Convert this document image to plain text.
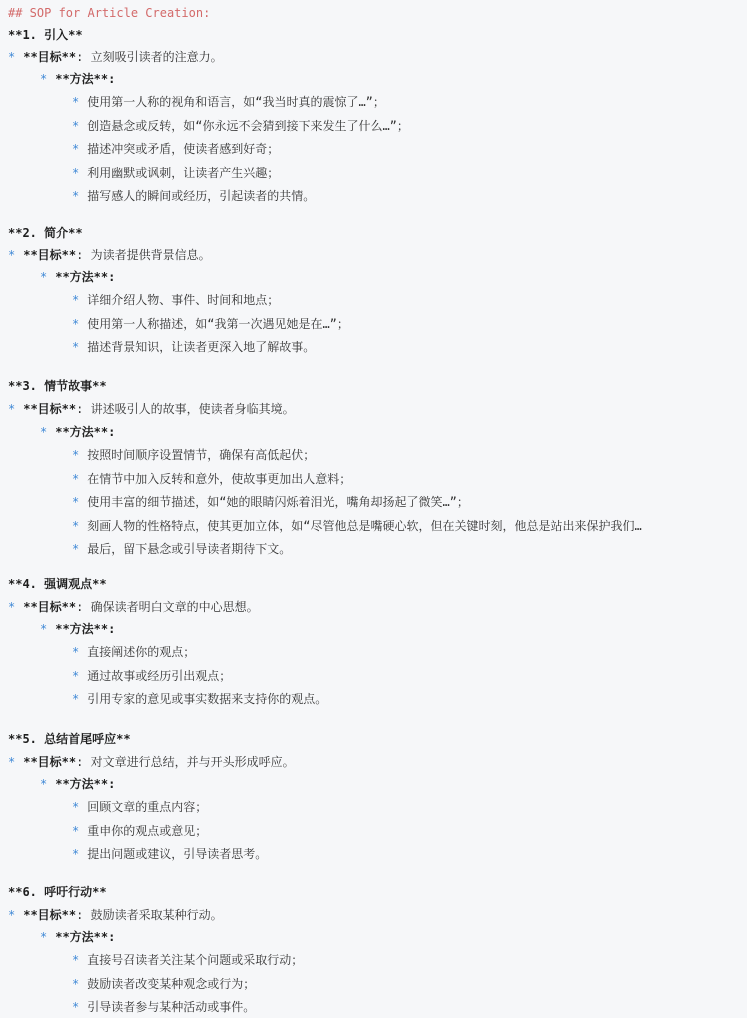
## SOP for Article Creation:
**1. 引入**
* **目标**: 立刻吸引读者的注意力。
* **方法**:
* 使用第一人称的视角和语言，如“我当时真的震惊了…”；
* 创造悬念或反转，如“你永远不会猜到接下来发生了什么…”；
* 描述冲突或矛盾，使读者感到好奇；
* 利用幽默或讽刺，让读者产生兴趣；
* 描写感人的瞬间或经历，引起读者的共情。
**2. 简介**
* **目标**: 为读者提供背景信息。
* **方法**:
* 详细介绍人物、事件、时间和地点；
* 使用第一人称描述，如“我第一次遇见她是在…”；
* 描述背景知识，让读者更深入地了解故事。
**3. 情节故事**
* **目标**: 讲述吸引人的故事，使读者身临其境。
* **方法**:
* 按照时间顺序设置情节，确保有高低起伏；
* 在情节中加入反转和意外，使故事更加出人意料；
* 使用丰富的细节描述，如“她的眼睛闪烁着泪光，嘴角却扬起了微笑…”；
* 刻画人物的性格特点，使其更加立体，如“尽管他总是嘴硬心软，但在关键时刻，他总是站出来保护我们…
* 最后，留下悬念或引导读者期待下文。
**4. 强调观点**
* **目标**: 确保读者明白文章的中心思想。
* **方法**:
* 直接阐述你的观点；
* 通过故事或经历引出观点；
* 引用专家的意见或事实数据来支持你的观点。
**5. 总结首尾呼应**
* **目标**: 对文章进行总结，并与开头形成呼应。
* **方法**:
* 回顾文章的重点内容；
* 重申你的观点或意见；
* 提出问题或建议，引导读者思考。
**6. 呼吁行动**
* **目标**: 鼓励读者采取某种行动。
* **方法**:
* 直接号召读者关注某个问题或采取行动；
* 鼓励读者改变某种观念或行为；
* 引导读者参与某种活动或事件。
